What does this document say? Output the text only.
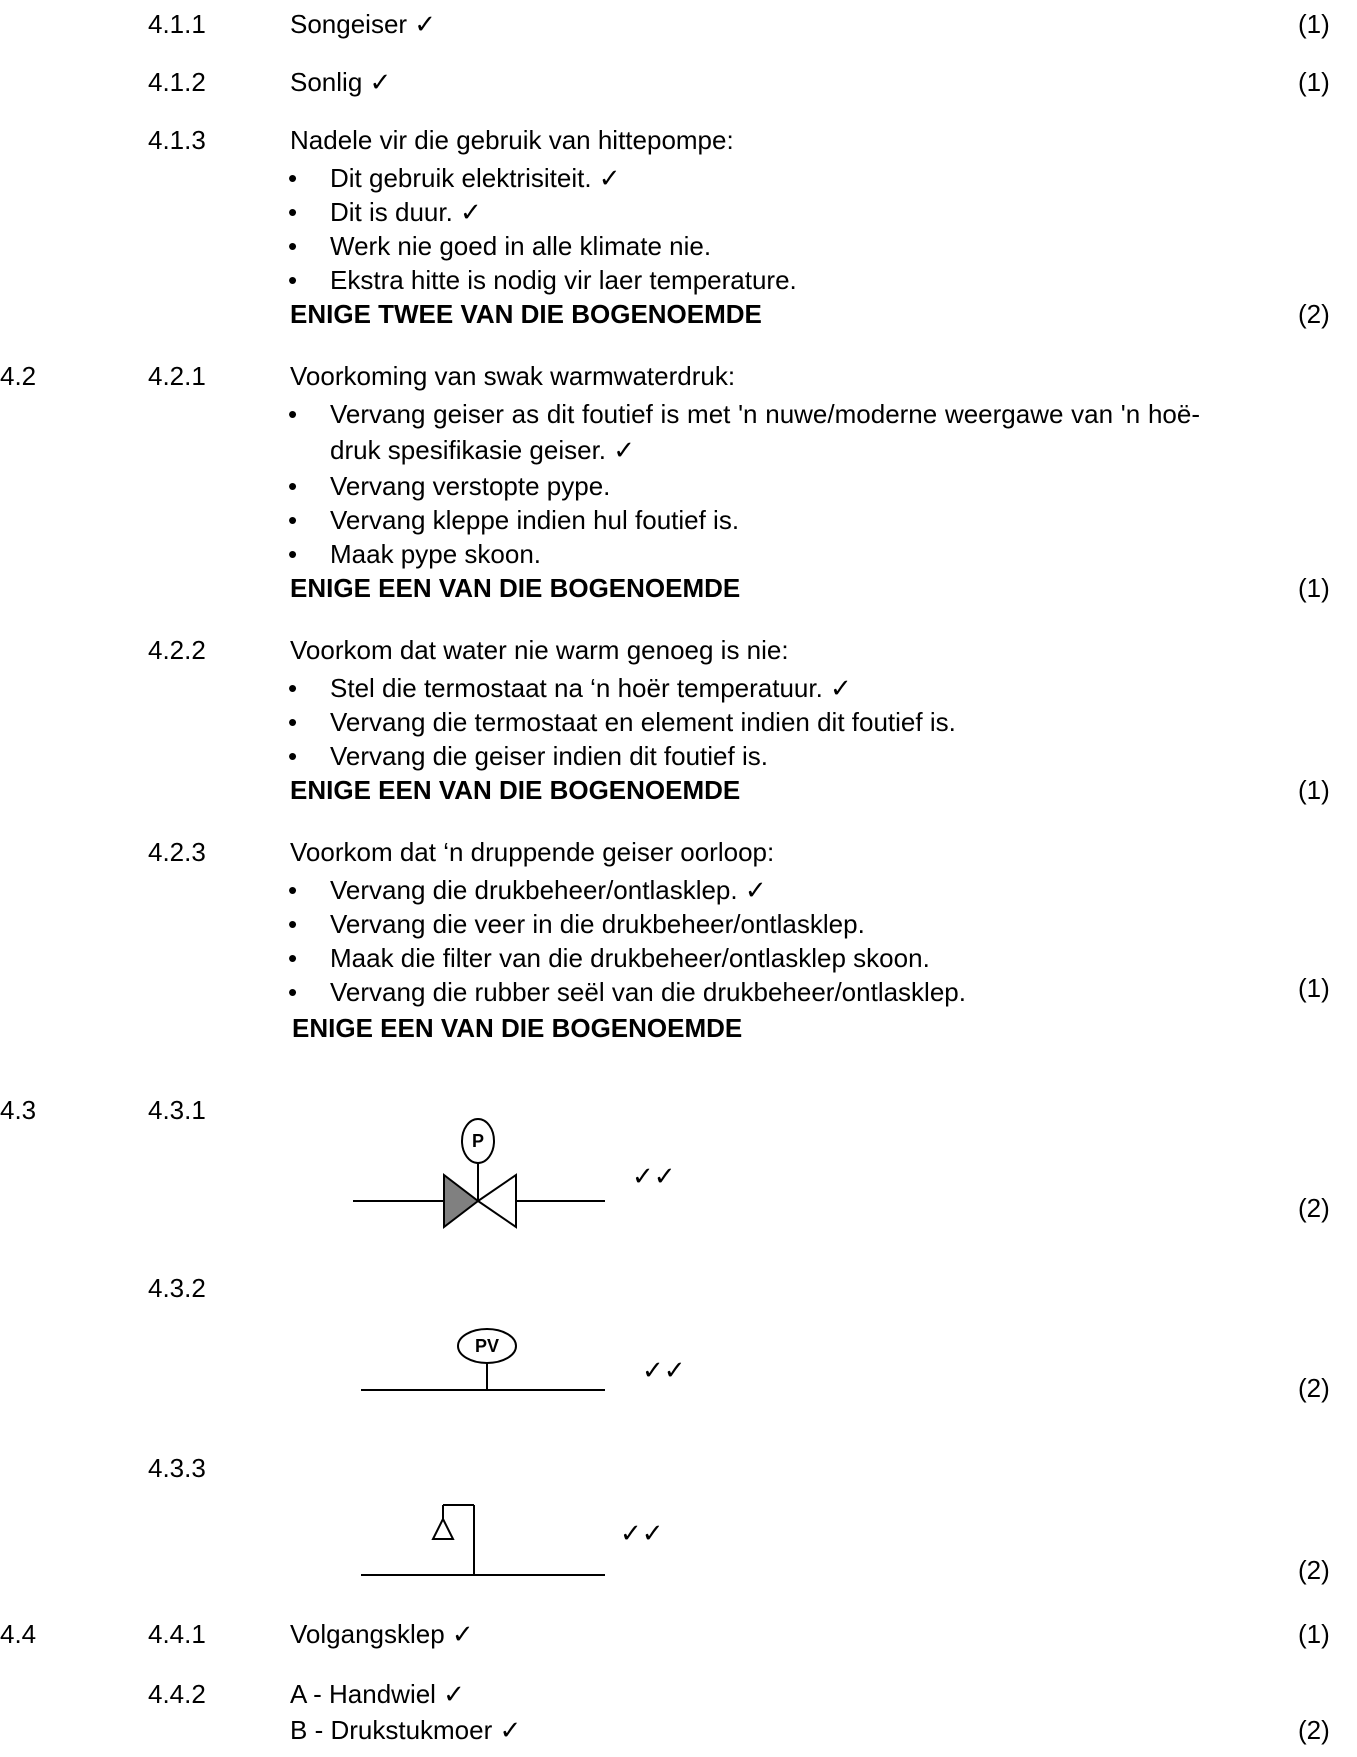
4.1.1	Songeiser ✓	(1)
4.1.2	Sonlig ✓	(1)
4.1.3	Nadele vir die gebruik van hittepompe:
• Dit gebruik elektrisiteit. ✓
• Dit is duur. ✓
• Werk nie goed in alle klimate nie.
• Ekstra hitte is nodig vir laer temperature.
ENIGE TWEE VAN DIE BOGENOEMDE	(2)
4.2	4.2.1	Voorkoming van swak warmwaterdruk:
• Vervang geiser as dit foutief is met 'n nuwe/moderne weergawe van 'n hoë-druk spesifikasie geiser. ✓
• Vervang verstopte pype.
• Vervang kleppe indien hul foutief is.
• Maak pype skoon.
ENIGE EEN VAN DIE BOGENOEMDE	(1)
4.2.2	Voorkom dat water nie warm genoeg is nie:
• Stel die termostaat na ‘n hoër temperatuur. ✓
• Vervang die termostaat en element indien dit foutief is.
• Vervang die geiser indien dit foutief is.
ENIGE EEN VAN DIE BOGENOEMDE	(1)
4.2.3	Voorkom dat ‘n druppende geiser oorloop:
• Vervang die drukbeheer/ontlasklep. ✓
• Vervang die veer in die drukbeheer/ontlasklep.
• Maak die filter van die drukbeheer/ontlasklep skoon.
• Vervang die rubber seël van die drukbeheer/ontlasklep.	(1)
ENIGE EEN VAN DIE BOGENOEMDE
4.3	4.3.1
P
✓✓
(2)
4.3.2
PV
✓✓
(2)
4.3.3
✓✓
(2)
4.4	4.4.1	Volgangsklep ✓	(1)
4.4.2	A - Handwiel ✓
B - Drukstukmoer ✓	(2)
